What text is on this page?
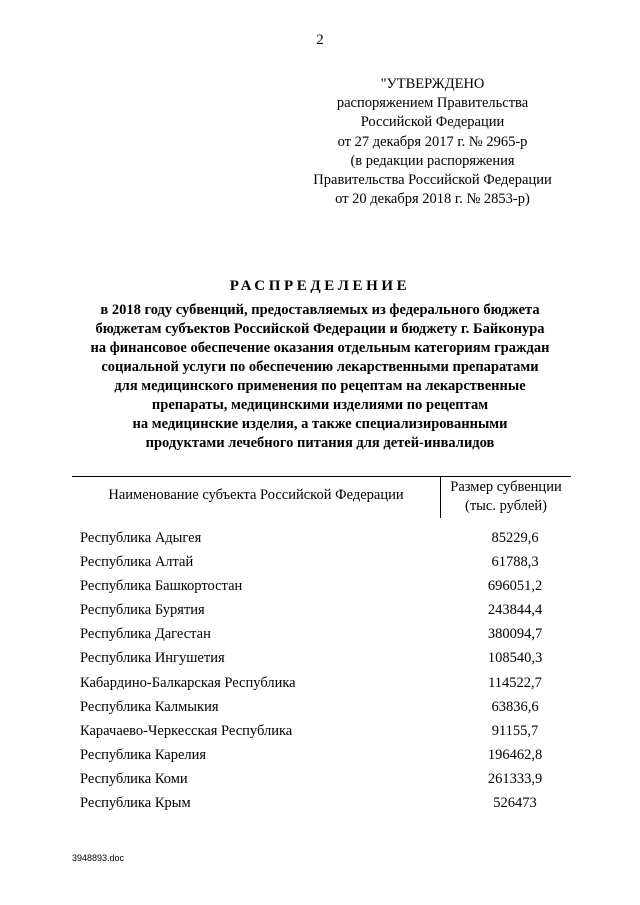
2
"УТВЕРЖДЕНО
распоряжением Правительства
Российской Федерации
от 27 декабря 2017 г. № 2965-р
(в редакции распоряжения
Правительства Российской Федерации
от 20 декабря 2018 г. № 2853-р)
РАСПРЕДЕЛЕНИЕ
в 2018 году субвенций, предоставляемых из федерального бюджета
бюджетам субъектов Российской Федерации и бюджету г. Байконура
на финансовое обеспечение оказания отдельным категориям граждан
социальной услуги по обеспечению лекарственными препаратами
для медицинского применения по рецептам на лекарственные
препараты, медицинскими изделиями по рецептам
на медицинские изделия, а также специализированными
продуктами лечебного питания для детей-инвалидов
Наименование субъекта Российской Федерации	Размер субвенции
(тыс. рублей)
Республика Адыгея	85229,6
Республика Алтай	61788,3
Республика Башкортостан	696051,2
Республика Бурятия	243844,4
Республика Дагестан	380094,7
Республика Ингушетия	108540,3
Кабардино-Балкарская Республика	114522,7
Республика Калмыкия	63836,6
Карачаево-Черкесская Республика	91155,7
Республика Карелия	196462,8
Республика Коми	261333,9
Республика Крым	526473
3948893.doc
